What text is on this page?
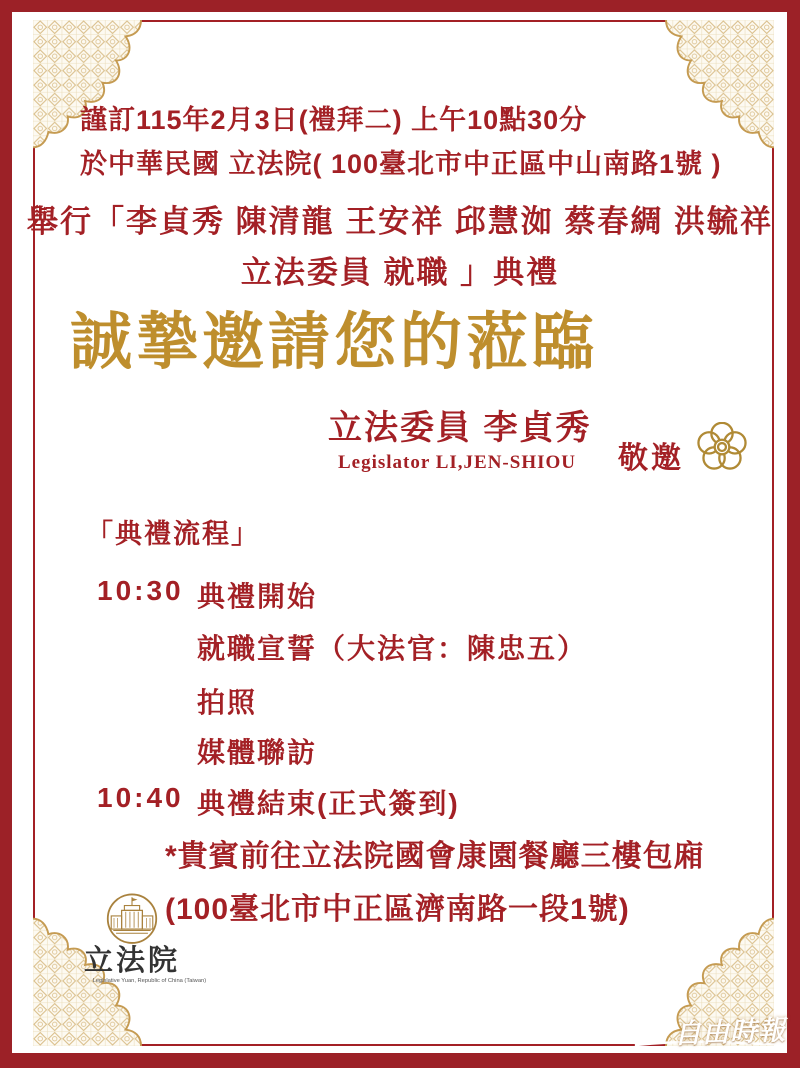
謹訂115年2月3日(禮拜二) 上午10點30分
於中華民國 立法院( 100臺北市中正區中山南路1號 )
舉行「李貞秀 陳清龍 王安祥 邱慧洳 蔡春綢 洪毓祥
立法委員 就職 」典禮
誠摯邀請您的蒞臨
立法委員 李貞秀
Legislator LI,JEN-SHIOU 敬邀
「典禮流程」
10:30 典禮開始
就職宣誓（大法官：陳忠五）
拍照
媒體聯訪
10:40 典禮結束(正式簽到)
*貴賓前往立法院國會康園餐廳三樓包廂
(100臺北市中正區濟南路一段1號)
立法院
Legislative Yuan, Republic of China (Taiwan)
自由時報
